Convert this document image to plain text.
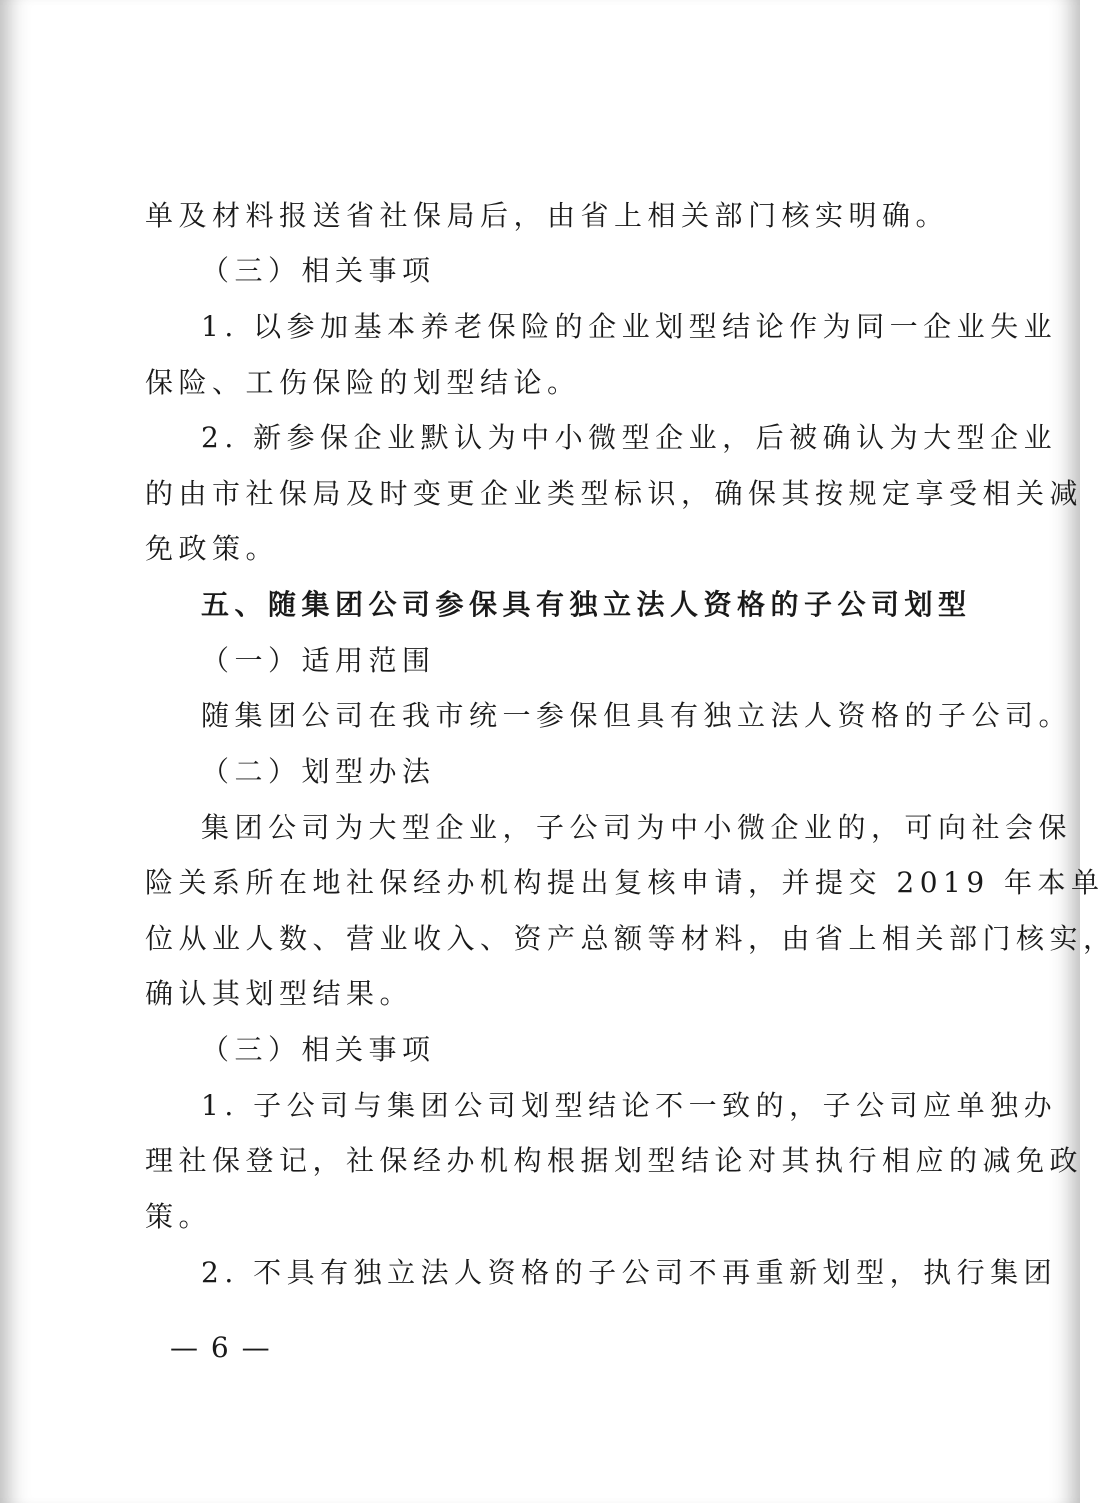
单及材料报送省社保局后，由省上相关部门核实明确。
（三）相关事项
1. 以参加基本养老保险的企业划型结论作为同一企业失业
保险、工伤保险的划型结论。
2. 新参保企业默认为中小微型企业，后被确认为大型企业
的由市社保局及时变更企业类型标识，确保其按规定享受相关减
免政策。
五、随集团公司参保具有独立法人资格的子公司划型
（一）适用范围
随集团公司在我市统一参保但具有独立法人资格的子公司。
（二）划型办法
集团公司为大型企业，子公司为中小微企业的，可向社会保
险关系所在地社保经办机构提出复核申请，并提交 2019 年本单
位从业人数、营业收入、资产总额等材料，由省上相关部门核实，
确认其划型结果。
（三）相关事项
1. 子公司与集团公司划型结论不一致的，子公司应单独办
理社保登记，社保经办机构根据划型结论对其执行相应的减免政
策。
2. 不具有独立法人资格的子公司不再重新划型，执行集团
— 6 —
